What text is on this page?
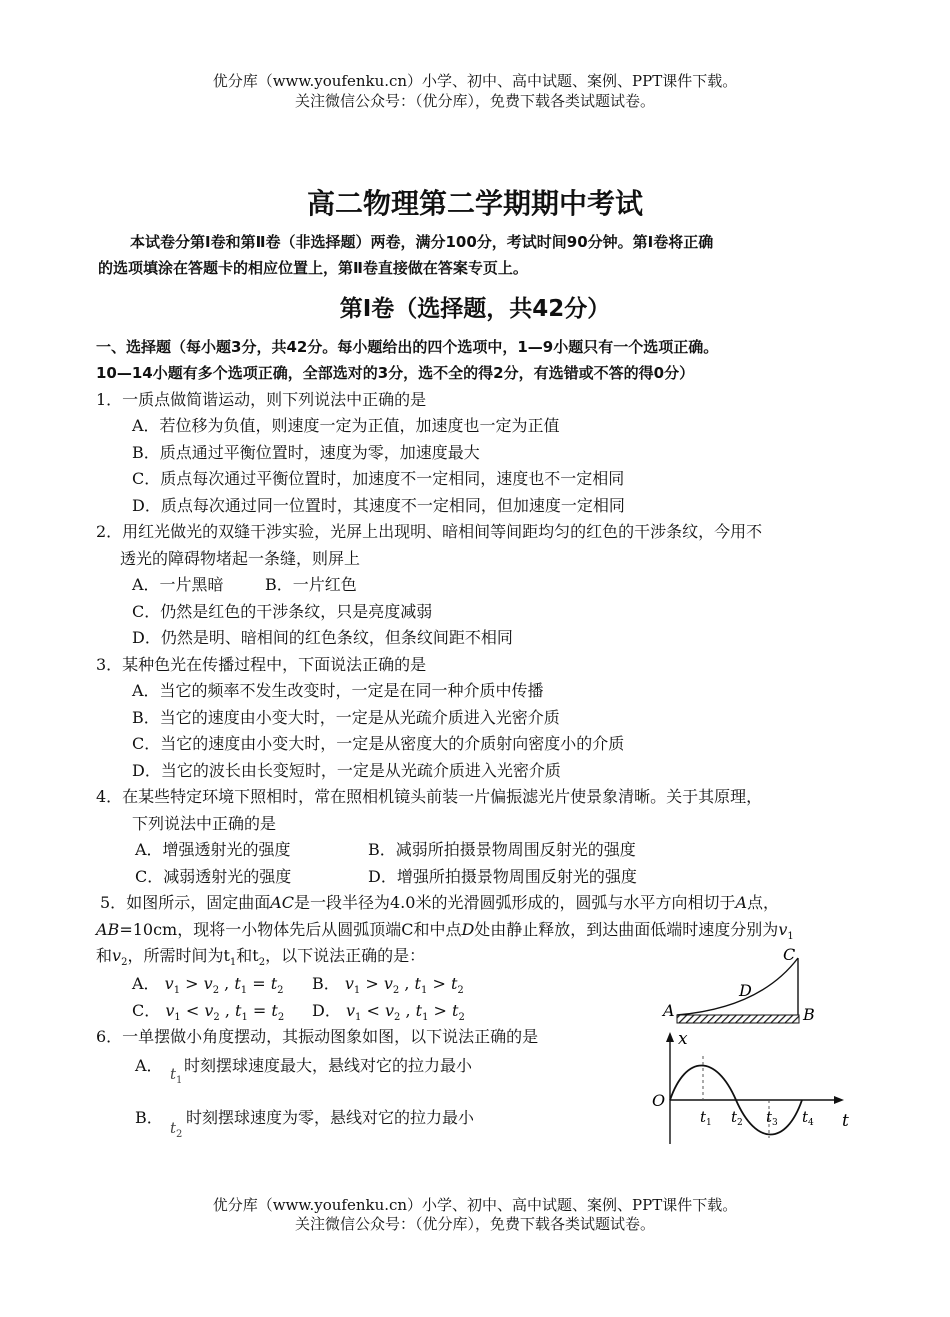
优分库（www.youfenku.cn）小学、初中、高中试题、案例、PPT课件下载。
关注微信公众号：（优分库），免费下载各类试题试卷。
高二物理第二学期期中考试
本试卷分第Ⅰ卷和第Ⅱ卷（非选择题）两卷，满分100分，考试时间90分钟。第Ⅰ卷将正确
的选项填涂在答题卡的相应位置上，第Ⅱ卷直接做在答案专页上。
第Ⅰ卷（选择题，共42分）
一、选择题（每小题3分，共42分。每小题给出的四个选项中，1—9小题只有一个选项正确。
10—14小题有多个选项正确，全部选对的3分，选不全的得2分，有选错或不答的得0分）
1．一质点做简谐运动，则下列说法中正确的是
A．若位移为负值，则速度一定为正值，加速度也一定为正值
B．质点通过平衡位置时，速度为零，加速度最大
C．质点每次通过平衡位置时，加速度不一定相同，速度也不一定相同
D．质点每次通过同一位置时，其速度不一定相同，但加速度一定相同
2．用红光做光的双缝干涉实验，光屏上出现明、暗相间等间距均匀的红色的干涉条纹，今用不
透光的障碍物堵起一条缝，则屏上
A．一片黑暗	B．一片红色
C．仍然是红色的干涉条纹，只是亮度减弱
D．仍然是明、暗相间的红色条纹，但条纹间距不相同
3．某种色光在传播过程中，下面说法正确的是
A．当它的频率不发生改变时，一定是在同一种介质中传播
B．当它的速度由小变大时，一定是从光疏介质进入光密介质
C．当它的速度由小变大时，一定是从密度大的介质射向密度小的介质
D．当它的波长由长变短时，一定是从光疏介质进入光密介质
4．在某些特定环境下照相时，常在照相机镜头前装一片偏振滤光片使景象清晰。关于其原理，
下列说法中正确的是
A．增强透射光的强度	B．减弱所拍摄景物周围反射光的强度
C．减弱透射光的强度	D．增强所拍摄景物周围反射光的强度
5．如图所示，固定曲面AC是一段半径为4.0米的光滑圆弧形成的，圆弧与水平方向相切于A点，
AB=10cm，现将一小物体先后从圆弧顶端C和中点D处由静止释放，到达曲面低端时速度分别为$v_1$
和$v_2$，所需时间为$t_1$和$t_2$，以下说法正确的是：
A． $v_1 > v_2$ , $t_1 = t_2$ B． $v_1 > v_2$ , $t_1 > t_2$
C． $v_1 < v_2$ , $t_1 = t_2$ D． $v_1 < v_2$ , $t_1 > t_2$
C
D
A	B
6．一单摆做小角度摆动，其振动图象如图，以下说法正确的是
A． $t_1$
时刻摆球速度最大，悬线对它的拉力最小
B．
$t_2$
时刻摆球速度为零，悬线对它的拉力最小
x
O
t
t 1 t 2 t 3 t 4
优分库（www.youfenku.cn）小学、初中、高中试题、案例、PPT课件下载。
关注微信公众号：（优分库），免费下载各类试题试卷。
